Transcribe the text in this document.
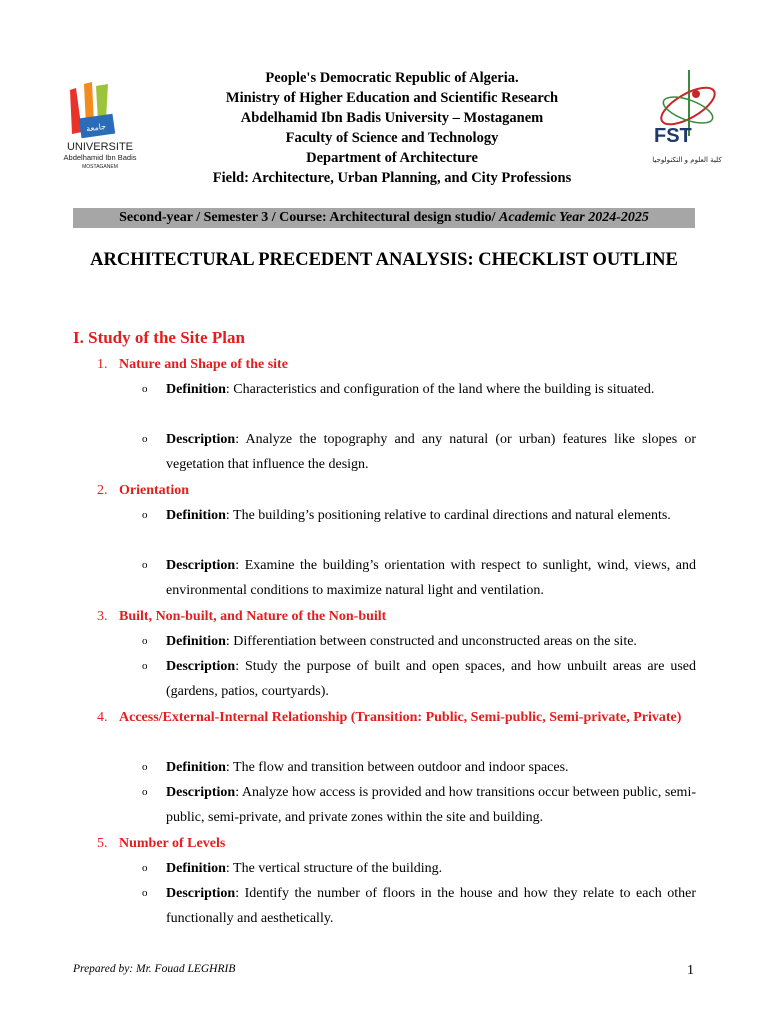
جامعة
UNIVERSITE
Abdelhamid Ibn Badis
MOSTAGANEM
FST
كلية العلوم و التكنولوجيا
People's Democratic Republic of Algeria.
Ministry of Higher Education and Scientific Research
Abdelhamid Ibn Badis University – Mostaganem
Faculty of Science and Technology
Department of Architecture
Field: Architecture, Urban Planning, and City Professions
Second-year / Semester 3 / Course: Architectural design studio/ Academic Year 2024-2025
ARCHITECTURAL PRECEDENT ANALYSIS: CHECKLIST OUTLINE
I. Study of the Site Plan
1. Nature and Shape of the site
o Definition: Characteristics and configuration of the land where the building is situated.
o Description: Analyze the topography and any natural (or urban) features like slopes or vegetation that influence the design.
2. Orientation
o Definition: The building’s positioning relative to cardinal directions and natural elements.
o Description: Examine the building’s orientation with respect to sunlight, wind, views, and environmental conditions to maximize natural light and ventilation.
3. Built, Non-built, and Nature of the Non-built
o Definition: Differentiation between constructed and unconstructed areas on the site.
o Description: Study the purpose of built and open spaces, and how unbuilt areas are used (gardens, patios, courtyards).
4. Access/External-Internal Relationship (Transition: Public, Semi-public, Semi-private, Private)
o Definition: The flow and transition between outdoor and indoor spaces.
o Description: Analyze how access is provided and how transitions occur between public, semi-public, semi-private, and private zones within the site and building.
5. Number of Levels
o Definition: The vertical structure of the building.
o Description: Identify the number of floors in the house and how they relate to each other functionally and aesthetically.
Prepared by: Mr. Fouad LEGHRIB	1
